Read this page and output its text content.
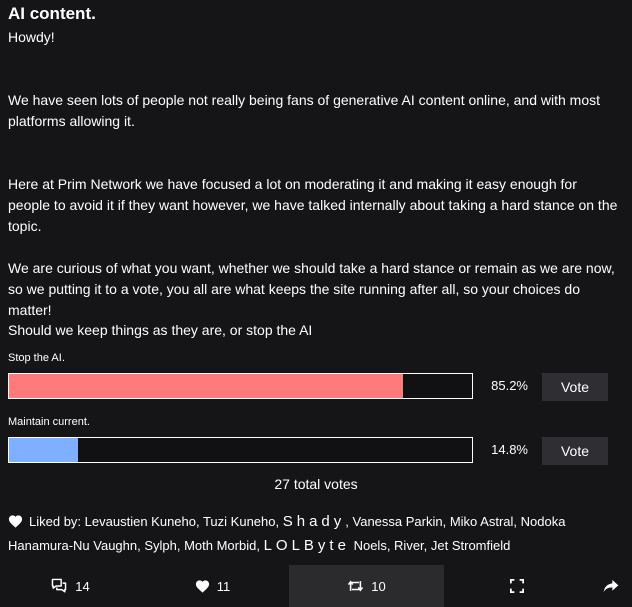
AI content.

Howdy!

We have seen lots of people not really being fans of generative AI content online, and with most platforms allowing it.

Here at Prim Network we have focused a lot on moderating it and making it easy enough for people to avoid it if they want however, we have talked internally about taking a hard stance on the topic.

We are curious of what you want, whether we should take a hard stance or remain as we are now, so we putting it to a vote, you all are what keeps the site running after all, so your choices do matter!

Should we keep things as they are, or stop the AI

Stop the AI.
85.2%	Vote
Maintain current.
14.8%	Vote
27 total votes
Liked by: Levaustien Kuneho, Tuzi Kuneho, Shady, Vanessa Parkin, Miko Astral, Nodoka Hanamura-Nu Vaughn, Sylph, Moth Morbid, LOLByte Noels, River, Jet Stromfield
14	11	10
